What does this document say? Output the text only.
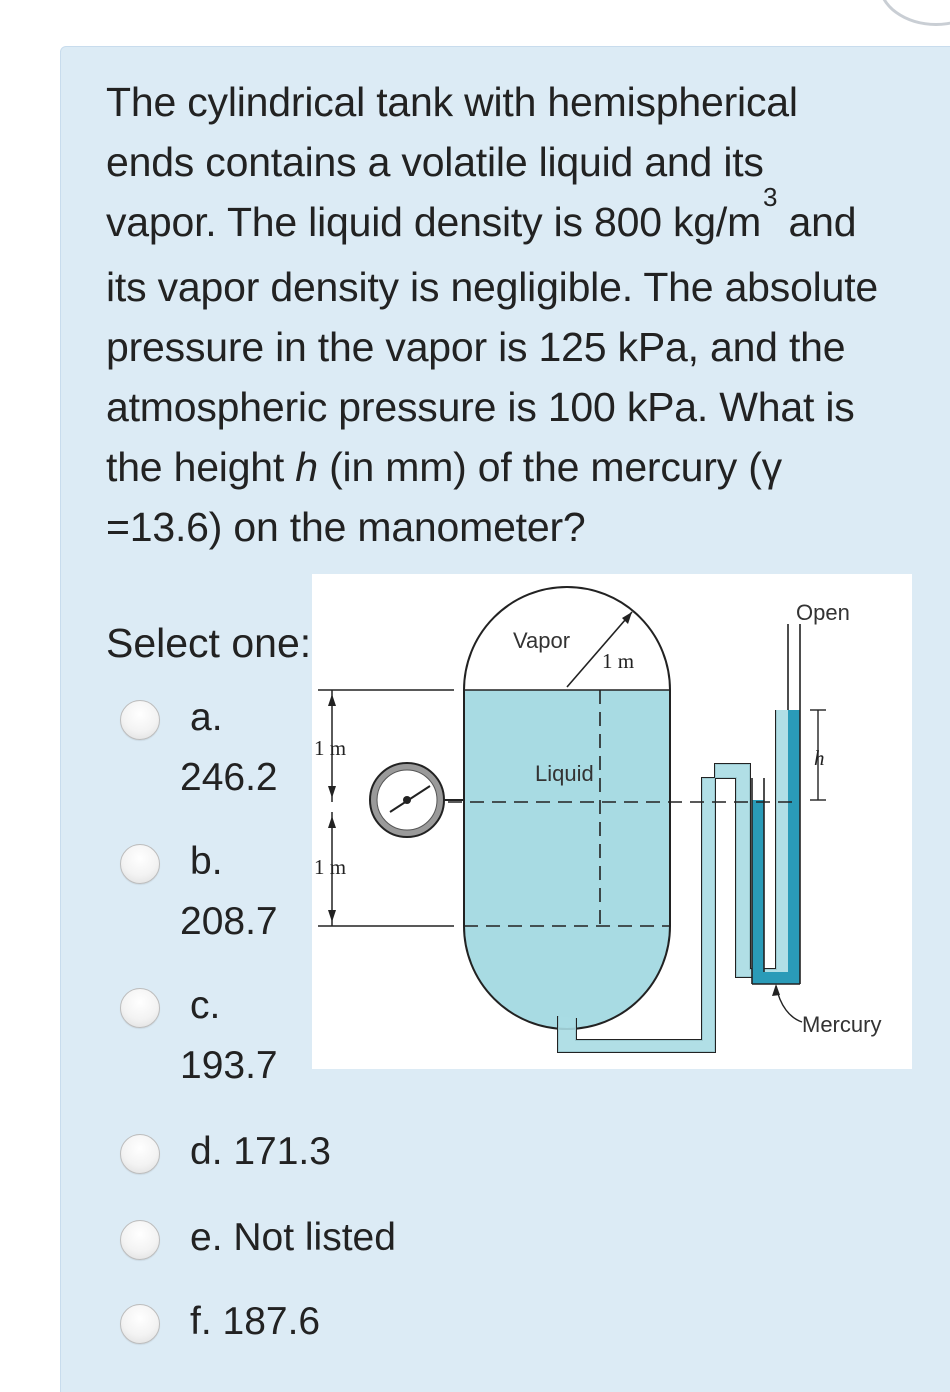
The cylindrical tank with hemispherical
ends contains a volatile liquid and its
vapor. The liquid density is 800 $kg/m^3$ and
its vapor density is negligible. The absolute
pressure in the vapor is 125 kPa, and the
atmospheric pressure is 100 kPa. What is
the height h (in mm) of the mercury (γ
=13.6) on the manometer?

Vapor
1 m
Open
Liquid
1 m
1 m
h
Mercury
Select one:
a.
246.2
b.
208.7
c.
193.7
d. 171.3
e. Not listed
f. 187.6
